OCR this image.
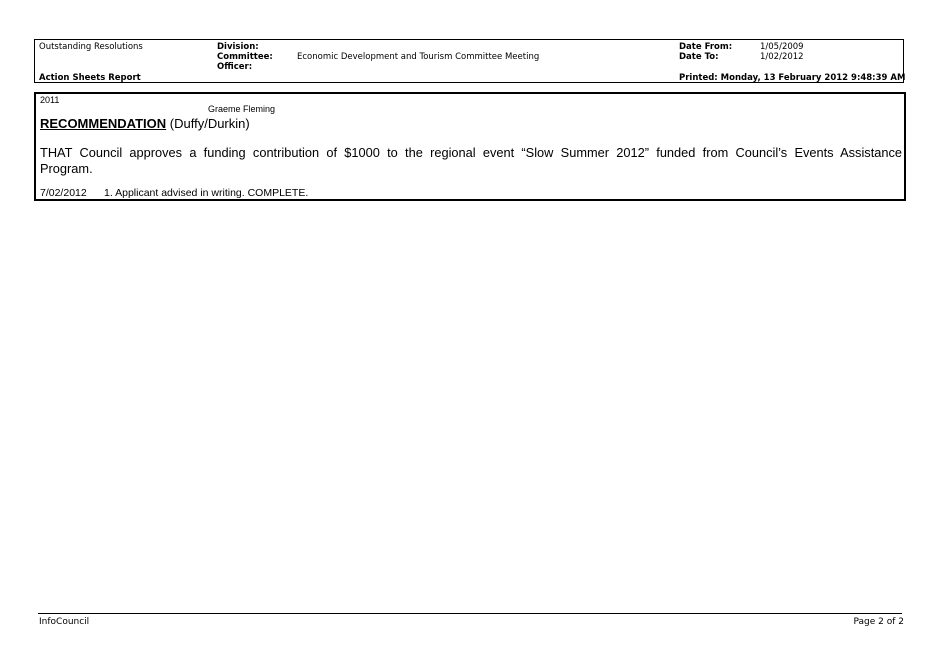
Outstanding Resolutions
Action Sheets Report
Division:
Committee:	Economic Development and Tourism Committee Meeting
Officer:
Date From:	1/05/2009
Date To:	1/02/2012
Printed: Monday, 13 February 2012 9:48:39 AM
2011
Graeme Fleming
RECOMMENDATION (Duffy/Durkin)
THAT Council approves a funding contribution of $1000 to the regional event “Slow Summer 2012” funded from Council’s Events Assistance
Program.
7/02/2012 1. Applicant advised in writing. COMPLETE.
InfoCouncil	Page 2 of 2
